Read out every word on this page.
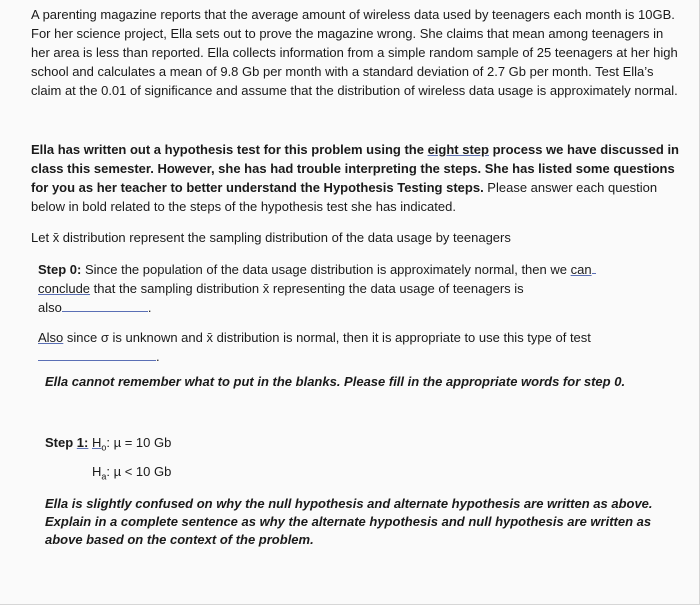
A parenting magazine reports that the average amount of wireless data used by teenagers each month is 10GB. For her science project, Ella sets out to prove the magazine wrong. She claims that mean among teenagers in her area is less than reported. Ella collects information from a simple random sample of 25 teenagers at her high school and calculates a mean of 9.8 Gb per month with a standard deviation of 2.7 Gb per month. Test Ella’s claim at the 0.01 of significance and assume that the distribution of wireless data usage is approximately normal.
Ella has written out a hypothesis test for this problem using the eight step process we have discussed in class this semester. However, she has had trouble interpreting the steps. She has listed some questions for you as her teacher to better understand the Hypothesis Testing steps. Please answer each question below in bold related to the steps of the hypothesis test she has indicated.
Let x̄ distribution represent the sampling distribution of the data usage by teenagers
Step 0: Since the population of the data usage distribution is approximately normal, then we can
conclude that the sampling distribution x̄ representing the data usage of teenagers is
also	.
Also since σ is unknown and x̄ distribution is normal, then it is appropriate to use this type of test
.
Ella cannot remember what to put in the blanks. Please fill in the appropriate words for step 0.
Step 1: $H_o$: µ = 10 Gb
$H_a$: µ < 10 Gb
Ella is slightly confused on why the null hypothesis and alternate hypothesis are written as above. Explain in a complete sentence as why the alternate hypothesis and null hypothesis are written as above based on the context of the problem.
